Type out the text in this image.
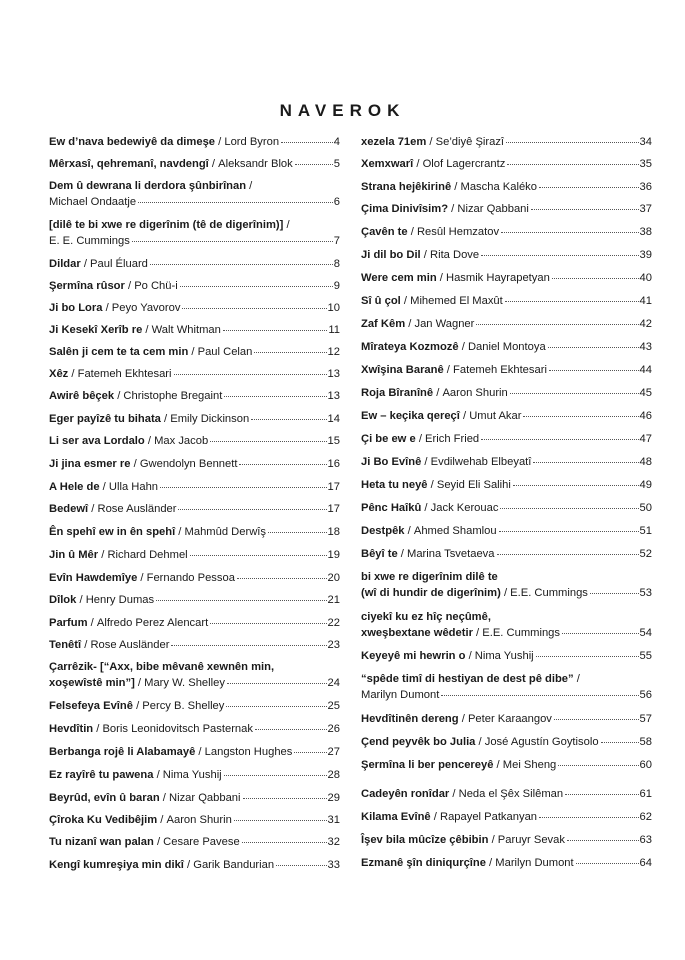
NAVEROK
Ew d’nava bedewiyê da dimeşe / Lord Byron	4
Mêrxasî, qehremanî, navdengî / Aleksandr Blok	5
Dem û dewrana li derdora şûnbirînan /
Michael Ondaatje	6
[dilê te bi xwe re digerînim (tê de digerînim)] /
E. E. Cummings	7
Dildar / Paul Éluard	8
Şermîna rûsor / Po Chü-i	9
Ji bo Lora / Peyo Yavorov	10
Ji Kesekî Xerîb re / Walt Whitman	11
Salên ji cem te ta cem min / Paul Celan	12
Xêz / Fatemeh Ekhtesari	13
Awirê bêçek / Christophe Bregaint	13
Eger payîzê tu bihata / Emily Dickinson	14
Li ser ava Lordalo / Max Jacob	15
Ji jina esmer re / Gwendolyn Bennett	16
A Hele de / Ulla Hahn	17
Bedewî / Rose Ausländer	17
Ên spehî ew in ên spehî / Mahmûd Derwîş	18
Jin û Mêr / Richard Dehmel	19
Evîn Hawdemîye / Fernando Pessoa	20
Dîlok / Henry Dumas	21
Parfum / Alfredo Perez Alencart	22
Tenêtî / Rose Ausländer	23
Çarrêzik- [“Axx, bibe mêvanê xewnên min,
xoşewîstê min”] / Mary W. Shelley	24
Felsefeya Evînê / Percy B. Shelley	25
Hevdîtin / Boris Leonidovitsch Pasternak	26
Berbanga rojê li Alabamayê / Langston Hughes	27
Ez rayîrê tu pawena / Nima Yushij	28
Beyrûd, evîn û baran / Nizar Qabbani	29
Çîroka Ku Vedibêjim / Aaron Shurin	31
Tu nizanî wan palan / Cesare Pavese	32
Kengî kumreşiya min dikî / Garik Bandurian	33
xezela 71em / Se’diyê Şirazî	34
Xemxwarî / Olof Lagercrantz	35
Strana hejêkirinê / Mascha Kaléko	36
Çima Dinivîsim? / Nizar Qabbani	37
Çavên te / Resûl Hemzatov	38
Ji dil bo Dil / Rita Dove	39
Were cem min / Hasmik Hayrapetyan	40
Sî û çol / Mihemed El Maxût	41
Zaf Kêm / Jan Wagner	42
Mîrateya Kozmozê / Daniel Montoya	43
Xwîşina Baranê / Fatemeh Ekhtesari	44
Roja Bîranînê / Aaron Shurin	45
Ew – keçika qereçî / Umut Akar	46
Çi be ew e / Erich Fried	47
Ji Bo Evînê / Evdilwehab Elbeyatî	48
Heta tu neyê / Seyid Eli Salihi	49
Pênc Haîkû / Jack Kerouac	50
Destpêk / Ahmed Shamlou	51
Bêyî te / Marina Tsvetaeva	52
bi xwe re digerînim dilê te
(wî di hundir de digerînim) / E.E. Cummings	53
ciyekî ku ez hîç neçûmê,
xweşbextane wêdetir / E.E. Cummings	54
Keyeyê mi hewrin o / Nima Yushij	55
“spêde timî di hestiyan de dest pê dibe” /
Marilyn Dumont	56
Hevdîtinên dereng / Peter Karaangov	57
Çend peyvêk bo Julia / José Agustín Goytisolo	58
Şermîna li ber pencereyê / Mei Sheng	60
Cadeyên ronîdar / Neda el Şêx Silêman	61
Kilama Evînê / Rapayel Patkanyan	62
Îşev bila mûcîze çêbibin / Paruyr Sevak	63
Ezmanê şîn diniqurçîne / Marilyn Dumont	64
